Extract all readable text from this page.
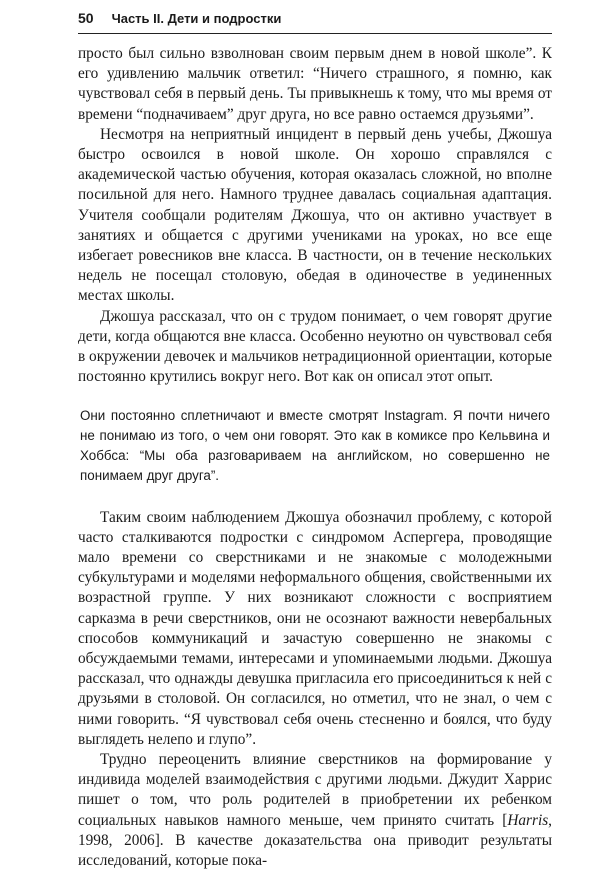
50 Часть II. Дети и подростки

просто был сильно взволнован своим первым днем в новой школе”. К его удивлению мальчик ответил: “Ничего страшного, я помню, как чувствовал себя в первый день. Ты привыкнешь к тому, что мы время от времени “подначиваем” друг друга, но все равно остаемся друзьями”.

Несмотря на неприятный инцидент в первый день учебы, Джошуа быстро освоился в новой школе. Он хорошо справлялся с академической частью обучения, которая оказалась сложной, но вполне посильной для него. Намного труднее давалась социальная адаптация. Учителя сообщали родителям Джошуа, что он активно участвует в занятиях и общается с другими учениками на уроках, но все еще избегает ровесников вне класса. В частности, он в течение нескольких недель не посещал столовую, обедая в одиночестве в уединенных местах школы.

Джошуа рассказал, что он с трудом понимает, о чем говорят другие дети, когда общаются вне класса. Особенно неуютно он чувствовал себя в окружении девочек и мальчиков нетрадиционной ориентации, которые постоянно крутились вокруг него. Вот как он описал этот опыт.

Они постоянно сплетничают и вместе смотрят Instagram. Я почти ничего не понимаю из того, о чем они говорят. Это как в комиксе про Кельвина и Хоббса: “Мы оба разговариваем на английском, но совершенно не понимаем друг друга”.

Таким своим наблюдением Джошуа обозначил проблему, с которой часто сталкиваются подростки с синдромом Аспергера, проводящие мало времени со сверстниками и не знакомые с молодежными субкультурами и моделями неформального общения, свойственными их возрастной группе. У них возникают сложности с восприятием сарказма в речи сверстников, они не осознают важности невербальных способов коммуникаций и зачастую совершенно не знакомы с обсуждаемыми темами, интересами и упоминаемыми людьми. Джошуа рассказал, что однажды девушка пригласила его присоединиться к ней с друзьями в столовой. Он согласился, но отметил, что не знал, о чем с ними говорить. “Я чувствовал себя очень стесненно и боялся, что буду выглядеть нелепо и глупо”.

Трудно переоценить влияние сверстников на формирование у индивида моделей взаимодействия с другими людьми. Джудит Харрис пишет о том, что роль родителей в приобретении их ребенком социальных навыков намного меньше, чем принято считать [Harris, 1998, 2006]. В качестве доказательства она приводит результаты исследований, которые пока-
